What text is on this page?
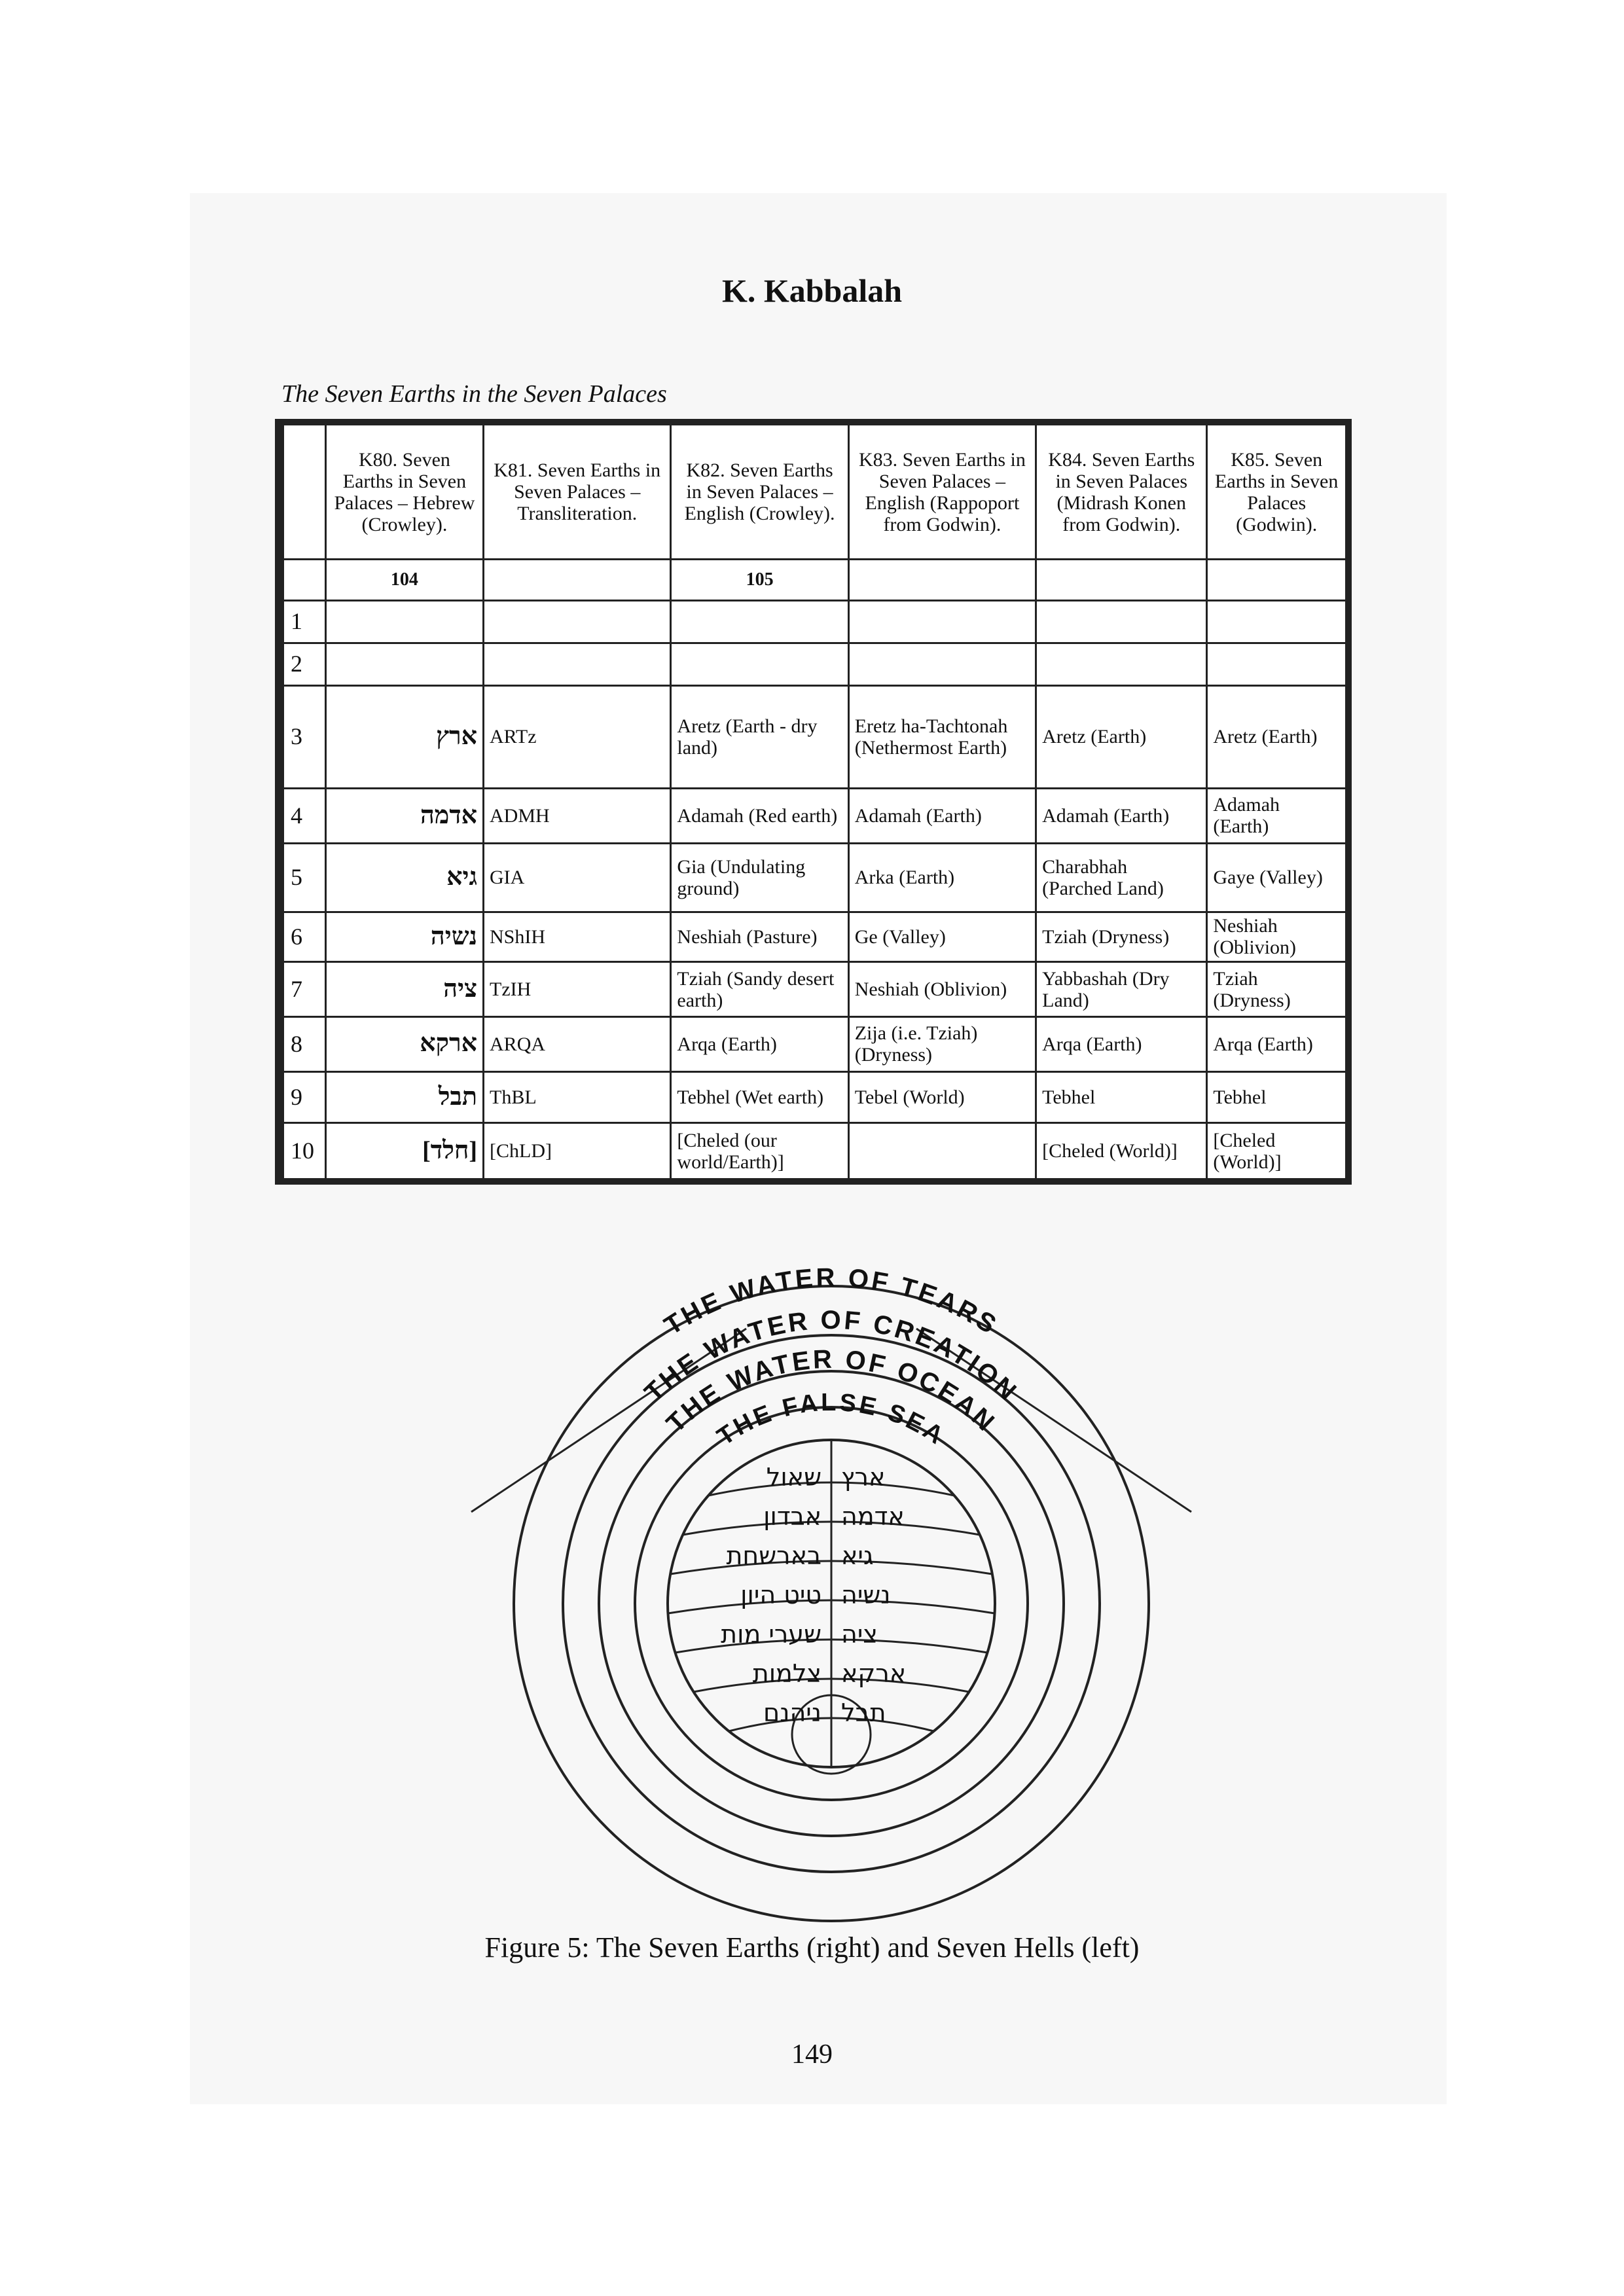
K. Kabbalah
The Seven Earths in the Seven Palaces
	K80. Seven Earths in Seven Palaces – Hebrew (Crowley).	K81. Seven Earths in Seven Palaces – Transliteration.	K82. Seven Earths in Seven Palaces – English (Crowley).	K83. Seven Earths in Seven Palaces – English (Rappoport from Godwin).	K84. Seven Earths in Seven Palaces (Midrash Konen from Godwin).	K85. Seven Earths in Seven Palaces (Godwin).
	104		105			
1						
2						
3	ארץ	ARTz	Aretz (Earth - dry land)	Eretz ha-Tachtonah (Nethermost Earth)	Aretz (Earth)	Aretz (Earth)
4	אדמה	ADMH	Adamah (Red earth)	Adamah (Earth)	Adamah (Earth)	Adamah (Earth)
5	גיא	GIA	Gia (Undulating ground)	Arka (Earth)	Charabhah (Parched Land)	Gaye (Valley)
6	נשיה	NShIH	Neshiah (Pasture)	Ge (Valley)	Tziah (Dryness)	Neshiah (Oblivion)
7	ציה	TzIH	Tziah (Sandy desert earth)	Neshiah (Oblivion)	Yabbashah (Dry Land)	Tziah (Dryness)
8	ארקא	ARQA	Arqa (Earth)	Zija (i.e. Tziah) (Dryness)	Arqa (Earth)	Arqa (Earth)
9	תבל	ThBL	Tebhel (Wet earth)	Tebel (World)	Tebhel	Tebhel
10	[חלד]	[ChLD]	[Cheled (our world/Earth)]		[Cheled (World)]	[Cheled (World)]
THE WATER OF TEARS
THE WATER OF CREATION
THE WATER OF OCEAN
THE FALSE SEA
שאול
אבדון
בארשחת
טיט היון
שערי מות
צלמות
ניהנם
ארץ
אדמה
גיא
נשיה
ציה
ארקא
תבל
Figure 5: The Seven Earths (right) and Seven Hells (left)
149
